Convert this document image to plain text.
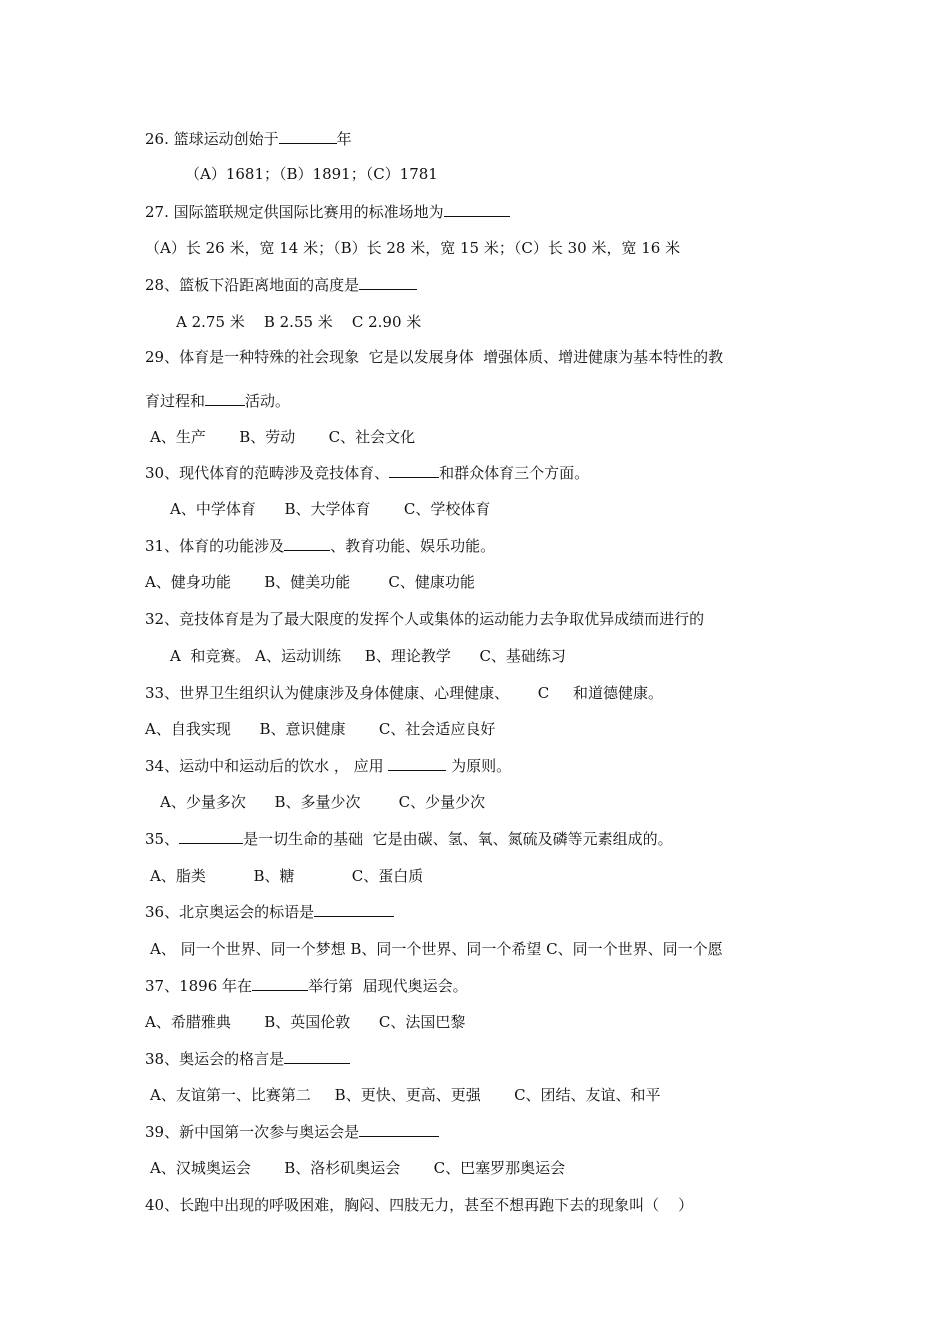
26. 篮球运动创始于	年
（A）1681；（B）1891；（C）1781
27. 国际篮联规定供国际比赛用的标准场地为
（A）长 26 米，宽 14 米；（B）长 28 米，宽 15 米；（C）长 30 米，宽 16 米
28、篮板下沿距离地面的高度是
A 2.75 米    B 2.55 米    C 2.90 米
29、体育是一种特殊的社会现象  它是以发展身体  增强体质、增进健康为基本特性的教
育过程和	活动。
A、生产       B、劳动       C、社会文化
30、现代体育的范畴涉及竞技体育、	和群众体育三个方面。
A、中学体育      B、大学体育       C、学校体育
31、体育的功能涉及	、教育功能、娱乐功能。
A、健身功能       B、健美功能        C、健康功能
32、竞技体育是为了最大限度的发挥个人或集体的运动能力去争取优异成绩而进行的
A  和竞赛。 A、运动训练     B、理论教学      C、基础练习
33、世界卫生组织认为健康涉及身体健康、心理健康、      C     和道德健康。
A、自我实现      B、意识健康       C、社会适应良好
34、运动中和运动后的饮水 ， 应用	为原则。
A、少量多次      B、多量少次        C、少量少次
35、	是一切生命的基础  它是由碳、氢、氧、氮硫及磷等元素组成的。
A、脂类          B、糖            C、蛋白质
36、北京奥运会的标语是
A、 同一个世界、同一个梦想 B、同一个世界、同一个希望 C、同一个世界、同一个愿
37、1896 年在	举行第  届现代奥运会。
A、希腊雅典       B、英国伦敦      C、法国巴黎
38、奥运会的格言是
A、友谊第一、比赛第二     B、更快、更高、更强       C、团结、友谊、和平
39、新中国第一次参与奥运会是
A、汉城奥运会       B、洛杉矶奥运会       C、巴塞罗那奥运会
40、长跑中出现的呼吸困难，胸闷、四肢无力，甚至不想再跑下去的现象叫（    ）
